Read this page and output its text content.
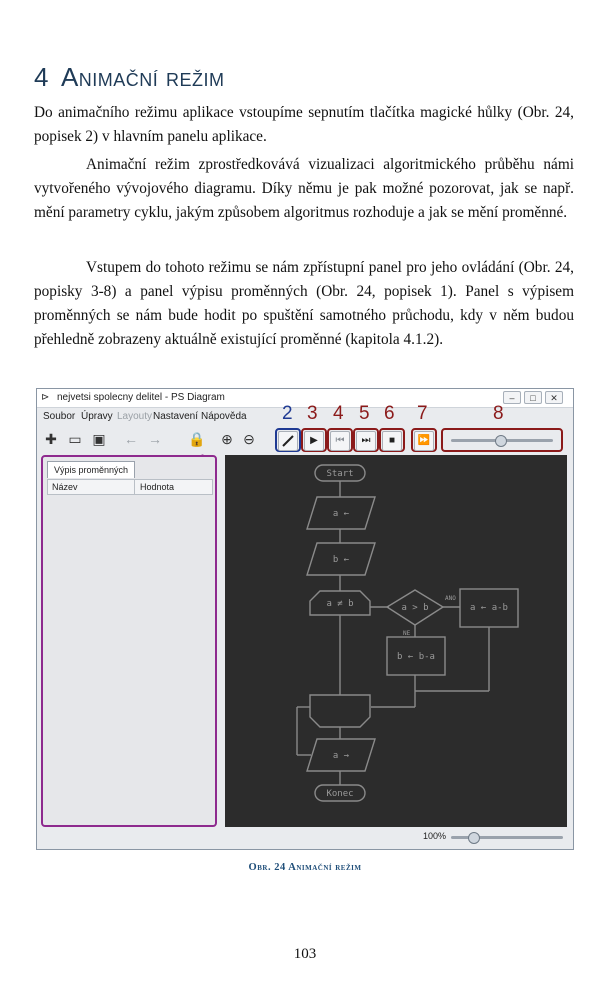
4 Animační režim

Do animačního režimu aplikace vstoupíme sepnutím tlačítka magické hůlky (Obr. 24, popisek 2) v hlavním panelu aplikace.

Animační režim zprostředkovává vizualizaci algoritmického průběhu námi vytvořeného vývojového diagramu. Díky němu je pak možné pozorovat, jak se např. mění parametry cyklu, jakým způsobem algoritmus rozhoduje a jak se mění proměnné.

Vstupem do tohoto režimu se nám zpřístupní panel pro jeho ovládání (Obr. 24, popisky 3-8) a panel výpisu proměnných (Obr. 24, popisek 1). Panel s výpisem proměnných se nám bude hodit po spuštění samotného průchodu, kdy v něm budou přehledně zobrazeny aktuálně existující proměnné (kapitola 4.1.2).

⊳ nejvetsi spolecny delitel - PS Diagram	–	□	✕
Soubor Úpravy Layouty Nastavení Nápověda
✚ ▭ ▣ ← → 🔒 ⊕ ⊖
2 3 4 5 6 7	8
▶	⏮	⏭	■	⏩
Výpis proměnných
Název	Hodnota
Start
a ←
b ←
a ≠ b	a > b
ANO
NE
a ← a-b
b ← b-a
a →
Konec
100%
Obr. 24 Animační režim
103
